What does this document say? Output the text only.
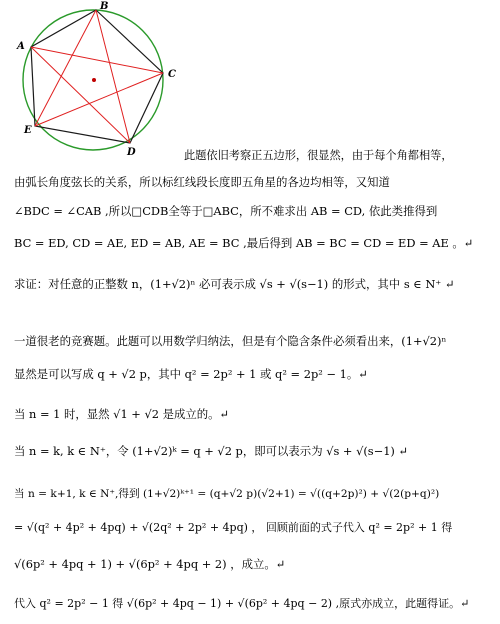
B
A
C
E
D	此题依旧考察正五边形，很显然，由于每个角都相等，
由弧长角度弦长的关系，所以标红线段长度即五角星的各边均相等，又知道
∠BDC = ∠CAB ,所以□CDB全等于□ABC，所不难求出 AB = CD, 依此类推得到
BC = ED, CD = AE, ED = AB, AE = BC ,最后得到 AB = BC = CD = ED = AE 。↵
求证：对任意的正整数 n，(1+√2)ⁿ 必可表示成 √s + √(s−1) 的形式，其中 s ∈ N⁺ ↵
一道很老的竞赛题。此题可以用数学归纳法，但是有个隐含条件必须看出来，(1+√2)ⁿ
显然是可以写成 q + √2 p，其中 q² = 2p² + 1 或 q² = 2p² − 1。↵
当 n = 1 时，显然 √1 + √2 是成立的。↵
当 n = k, k ∈ N⁺，令 (1+√2)ᵏ = q + √2 p，即可以表示为 √s + √(s−1) ↵
当 n = k+1, k ∈ N⁺,得到 (1+√2)ᵏ⁺¹ = (q+√2 p)(√2+1) = √((q+2p)²) + √(2(p+q)²)
= √(q² + 4p² + 4pq) + √(2q² + 2p² + 4pq) ， 回顾前面的式子代入 q² = 2p² + 1 得
√(6p² + 4pq + 1) + √(6p² + 4pq + 2) ，成立。↵
代入 q² = 2p² − 1 得 √(6p² + 4pq − 1) + √(6p² + 4pq − 2) ,原式亦成立，此题得证。↵
